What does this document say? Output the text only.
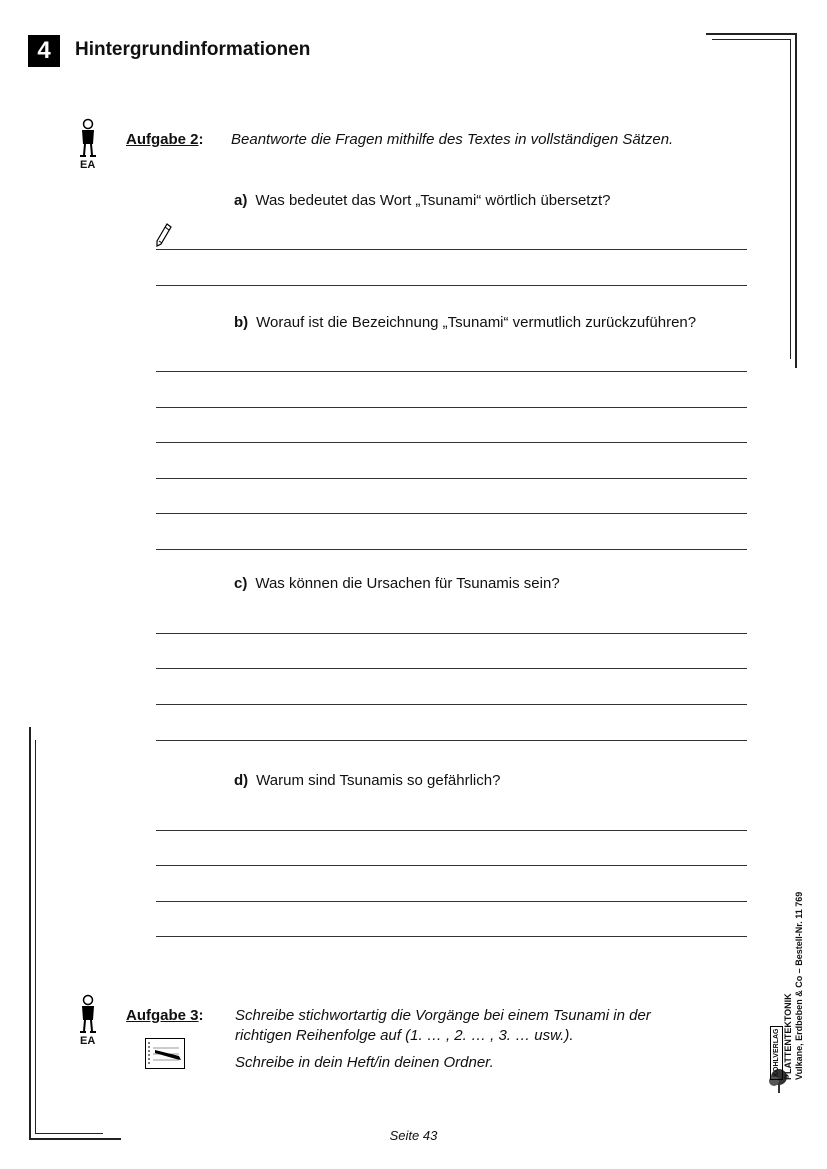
4	Hintergrundinformationen
EA
Aufgabe 2: Beantworte die Fragen mithilfe des Textes in vollständigen Sätzen.
a) Was bedeutet das Wort „Tsunami“ wörtlich übersetzt?
b) Worauf ist die Bezeichnung „Tsunami“ vermutlich zurückzuführen?
c) Was können die Ursachen für Tsunamis sein?
d) Warum sind Tsunamis so gefährlich?
EA
Aufgabe 3: Schreibe stichwortartig die Vorgänge bei einem Tsunami in der
richtigen Reihenfolge auf (1. … , 2. … , 3. … usw.).
Schreibe in dein Heft/in deinen Ordner.	KOHLVERLAG PLATTENTEKTONIK Vulkane, Erdbeben & Co – Bestell-Nr. 11 769
Seite 43
